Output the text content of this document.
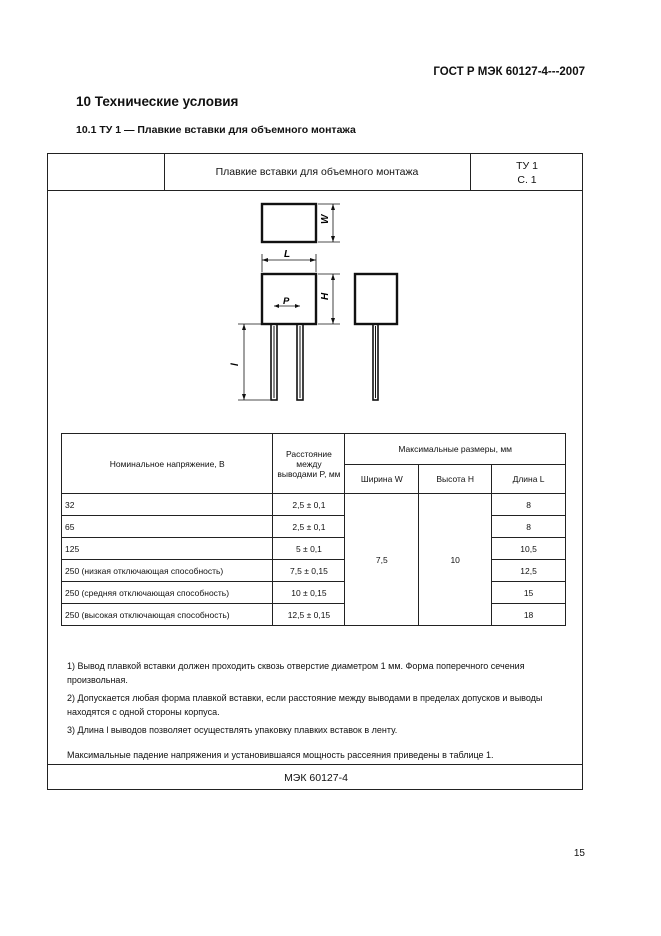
ГОСТ Р МЭК 60127-4---2007
10 Технические условия
10.1 ТУ 1 — Плавкие вставки для объемного монтажа
Плавкие вставки для объемного монтажа	ТУ 1
С. 1
W
L
H
P
l
Номинальное напряжение, В	Расстояние между выводами P, мм	Максимальные размеры, мм		
		Ширина W	Высота H	Длина L
32	2,5 ± 0,1	7,5	10	8
65	2,5 ± 0,1			8
125	5 ± 0,1			10,5
250 (низкая отключающая способность)	7,5 ± 0,15			12,5
250 (средняя отключающая способность)	10 ± 0,15			15
250 (высокая отключающая способность)	12,5 ± 0,15			18

1) Вывод плавкой вставки должен проходить сквозь отверстие диаметром 1 мм. Форма поперечного сечения произвольная.

2) Допускается любая форма плавкой вставки, если расстояние между выводами в пределах допусков и выводы находятся с одной стороны корпуса.

3) Длина l выводов позволяет осуществлять упаковку плавких вставок в ленту.

Максимальные падение напряжения и установившаяся мощность рассеяния приведены в таблице 1.

МЭК 60127-4
15
